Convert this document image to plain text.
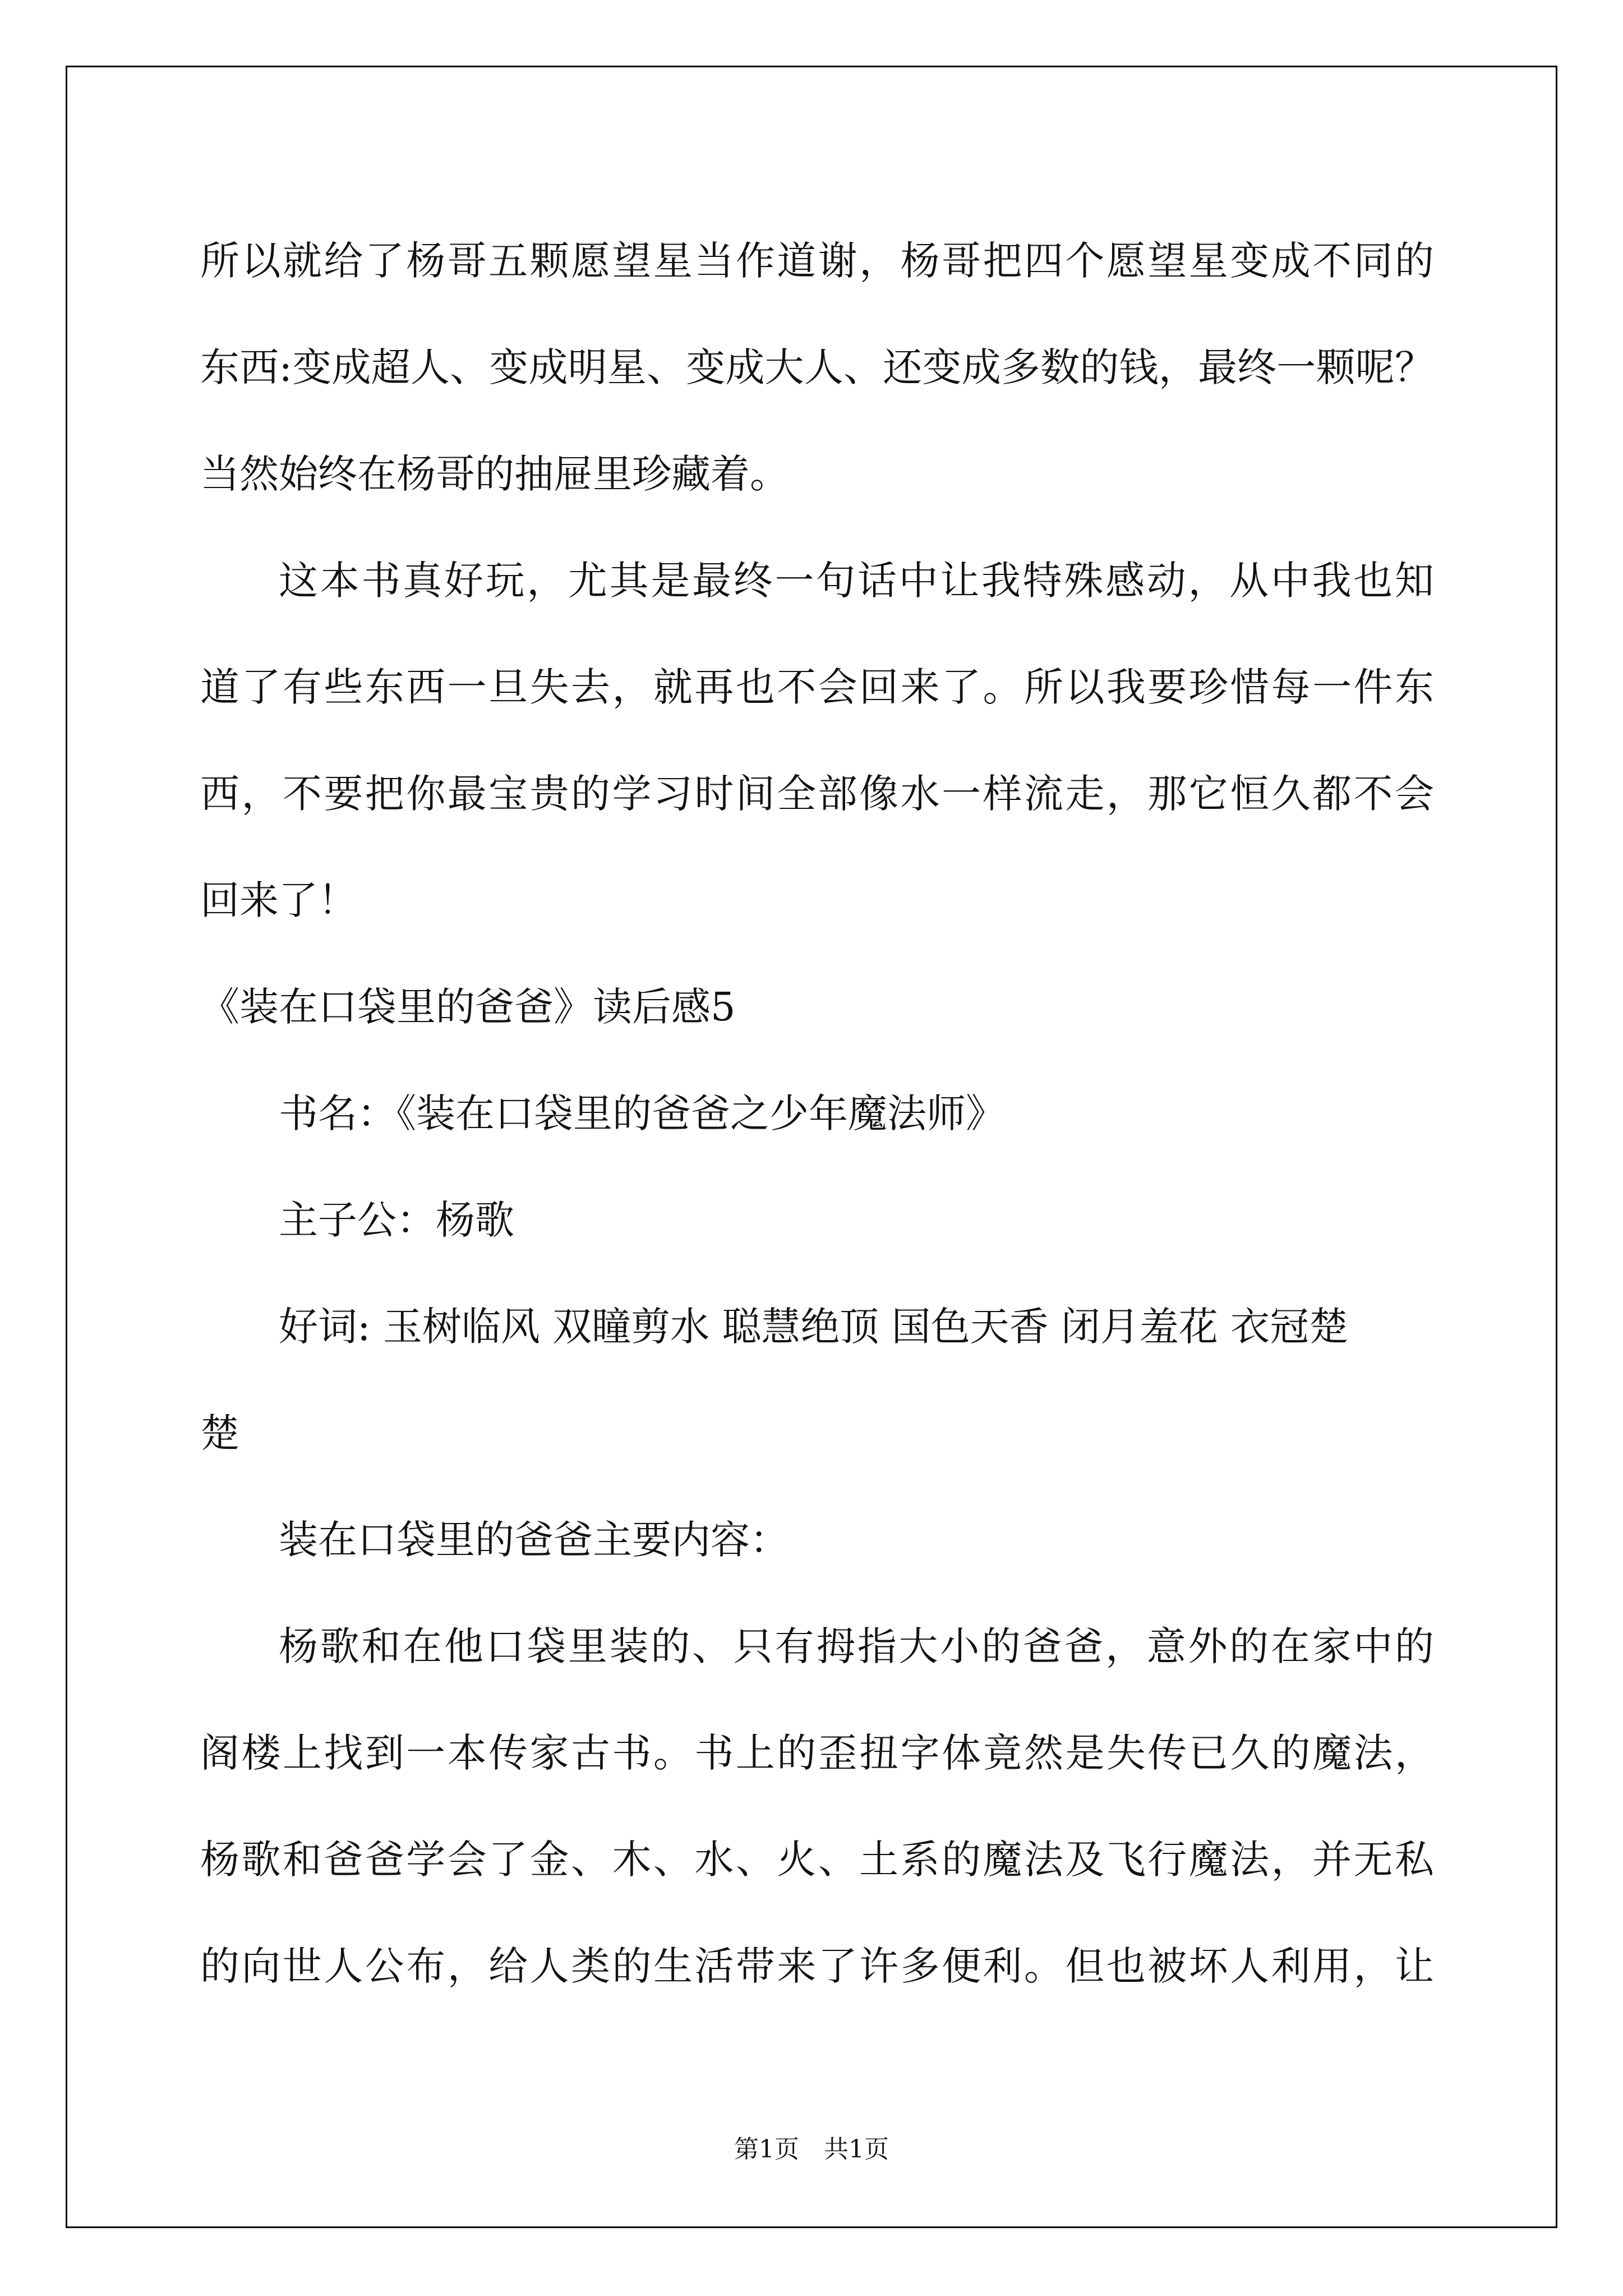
所以就给了杨哥五颗愿望星当作道谢，杨哥把四个愿望星变成不同的
东西:变成超人、变成明星、变成大人、还变成多数的钱，最终一颗呢？
当然始终在杨哥的抽屉里珍藏着。
这本书真好玩，尤其是最终一句话中让我特殊感动，从中我也知
道了有些东西一旦失去，就再也不会回来了。所以我要珍惜每一件东
西，不要把你最宝贵的学习时间全部像水一样流走，那它恒久都不会
回来了！
《装在口袋里的爸爸》读后感5
书名：《装在口袋里的爸爸之少年魔法师》
主子公：杨歌
好词: 玉树临风 双瞳剪水 聪慧绝顶 国色天香 闭月羞花 衣冠楚
楚
装在口袋里的爸爸主要内容：
杨歌和在他口袋里装的、只有拇指大小的爸爸，意外的在家中的
阁楼上找到一本传家古书。书上的歪扭字体竟然是失传已久的魔法，
杨歌和爸爸学会了金、木、水、火、土系的魔法及飞行魔法，并无私
的向世人公布，给人类的生活带来了许多便利。但也被坏人利用，让
第1页　共1页
